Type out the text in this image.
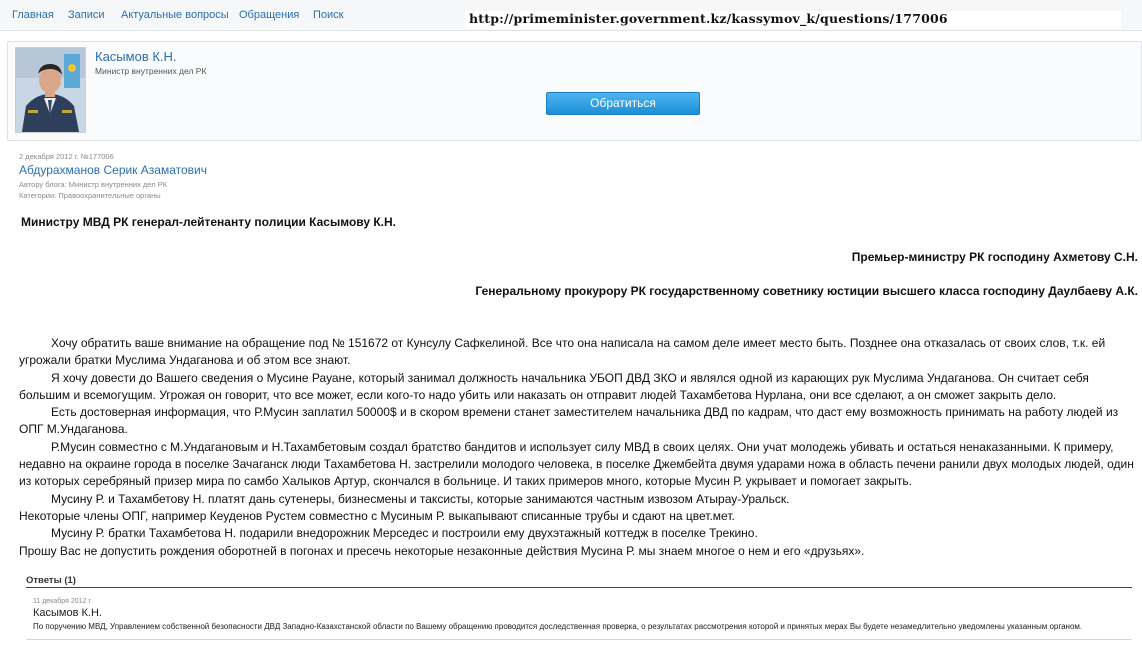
Главная Записи Актуальные вопросы Обращения Поиск	http://primeminister.government.kz/kassymov_k/questions/177006
Касымов К.Н.
Министр внутренних дел РК
Обратиться
2 декабря 2012 г. №177006
Абдурахманов Серик Азаматович
Автору блога: Министр внутренних дел РК
Категории: Правоохранительные органы
Министру МВД РК генерал-лейтенанту полиции Касымову К.Н.
Премьер-министру РК господину Ахметову С.Н.
Генеральному прокурору РК государственному советнику юстиции высшего класса господину Даулбаеву А.К.

Хочу обратить ваше внимание на обращение под № 151672 от Кунсулу Сафкелиной. Все что она написала на самом деле имеет место быть. Позднее она отказалась от своих слов, т.к. ей угрожали братки Муслима Ундаганова и об этом все знают.

Я хочу довести до Вашего сведения о Мусине Рауане, который занимал должность начальника УБОП ДВД ЗКО и являлся одной из карающих рук Муслима Ундаганова. Он считает себя большим и всемогущим. Угрожая он говорит, что все может, если кого-то надо убить или наказать он отправит людей Тахамбетова Нурлана, они все сделают, а он сможет закрыть дело.

Есть достоверная информация, что Р.Мусин заплатил 50000$ и в скором времени станет заместителем начальника ДВД по кадрам, что даст ему возможность принимать на работу людей из ОПГ М.Ундаганова.

Р.Мусин совместно с М.Ундагановым и Н.Тахамбетовым создал братство бандитов и использует силу МВД в своих целях. Они учат молодежь убивать и остаться ненаказанными. К примеру, недавно на окраине города в поселке Зачаганск люди Тахамбетова Н. застрелили молодого человека, в поселке Джембейта двумя ударами ножа в область печени ранили двух молодых людей, один из которых серебряный призер мира по самбо Халыков Артур, скончался в больнице. И таких примеров много, которые Мусин Р. укрывает и помогает закрыть.

Мусину Р. и Тахамбетову Н. платят дань сутенеры, бизнесмены и таксисты, которые занимаются частным извозом Атырау-Уральск.

Некоторые члены ОПГ, например Кеуденов Рустем совместно с Мусиным Р. выкапывают списанные трубы и сдают на цвет.мет.

Мусину Р. братки Тахамбетова Н. подарили внедорожник Мерседес и построили ему двухэтажный коттедж в поселке Трекино.

Прошу Вас не допустить рождения оборотней в погонах и пресечь некоторые незаконные действия Мусина Р. мы знаем многое о нем и его «друзьях».

Ответы (1)
11 декабря 2012 г.
Касымов К.Н.
По поручению МВД, Управлением собственной безопасности ДВД Западно-Казахстанской области по Вашему обращению проводится доследственная проверка, о результатах рассмотрения которой и принятых мерах Вы будете незамедлительно уведомлены указанным органом.
